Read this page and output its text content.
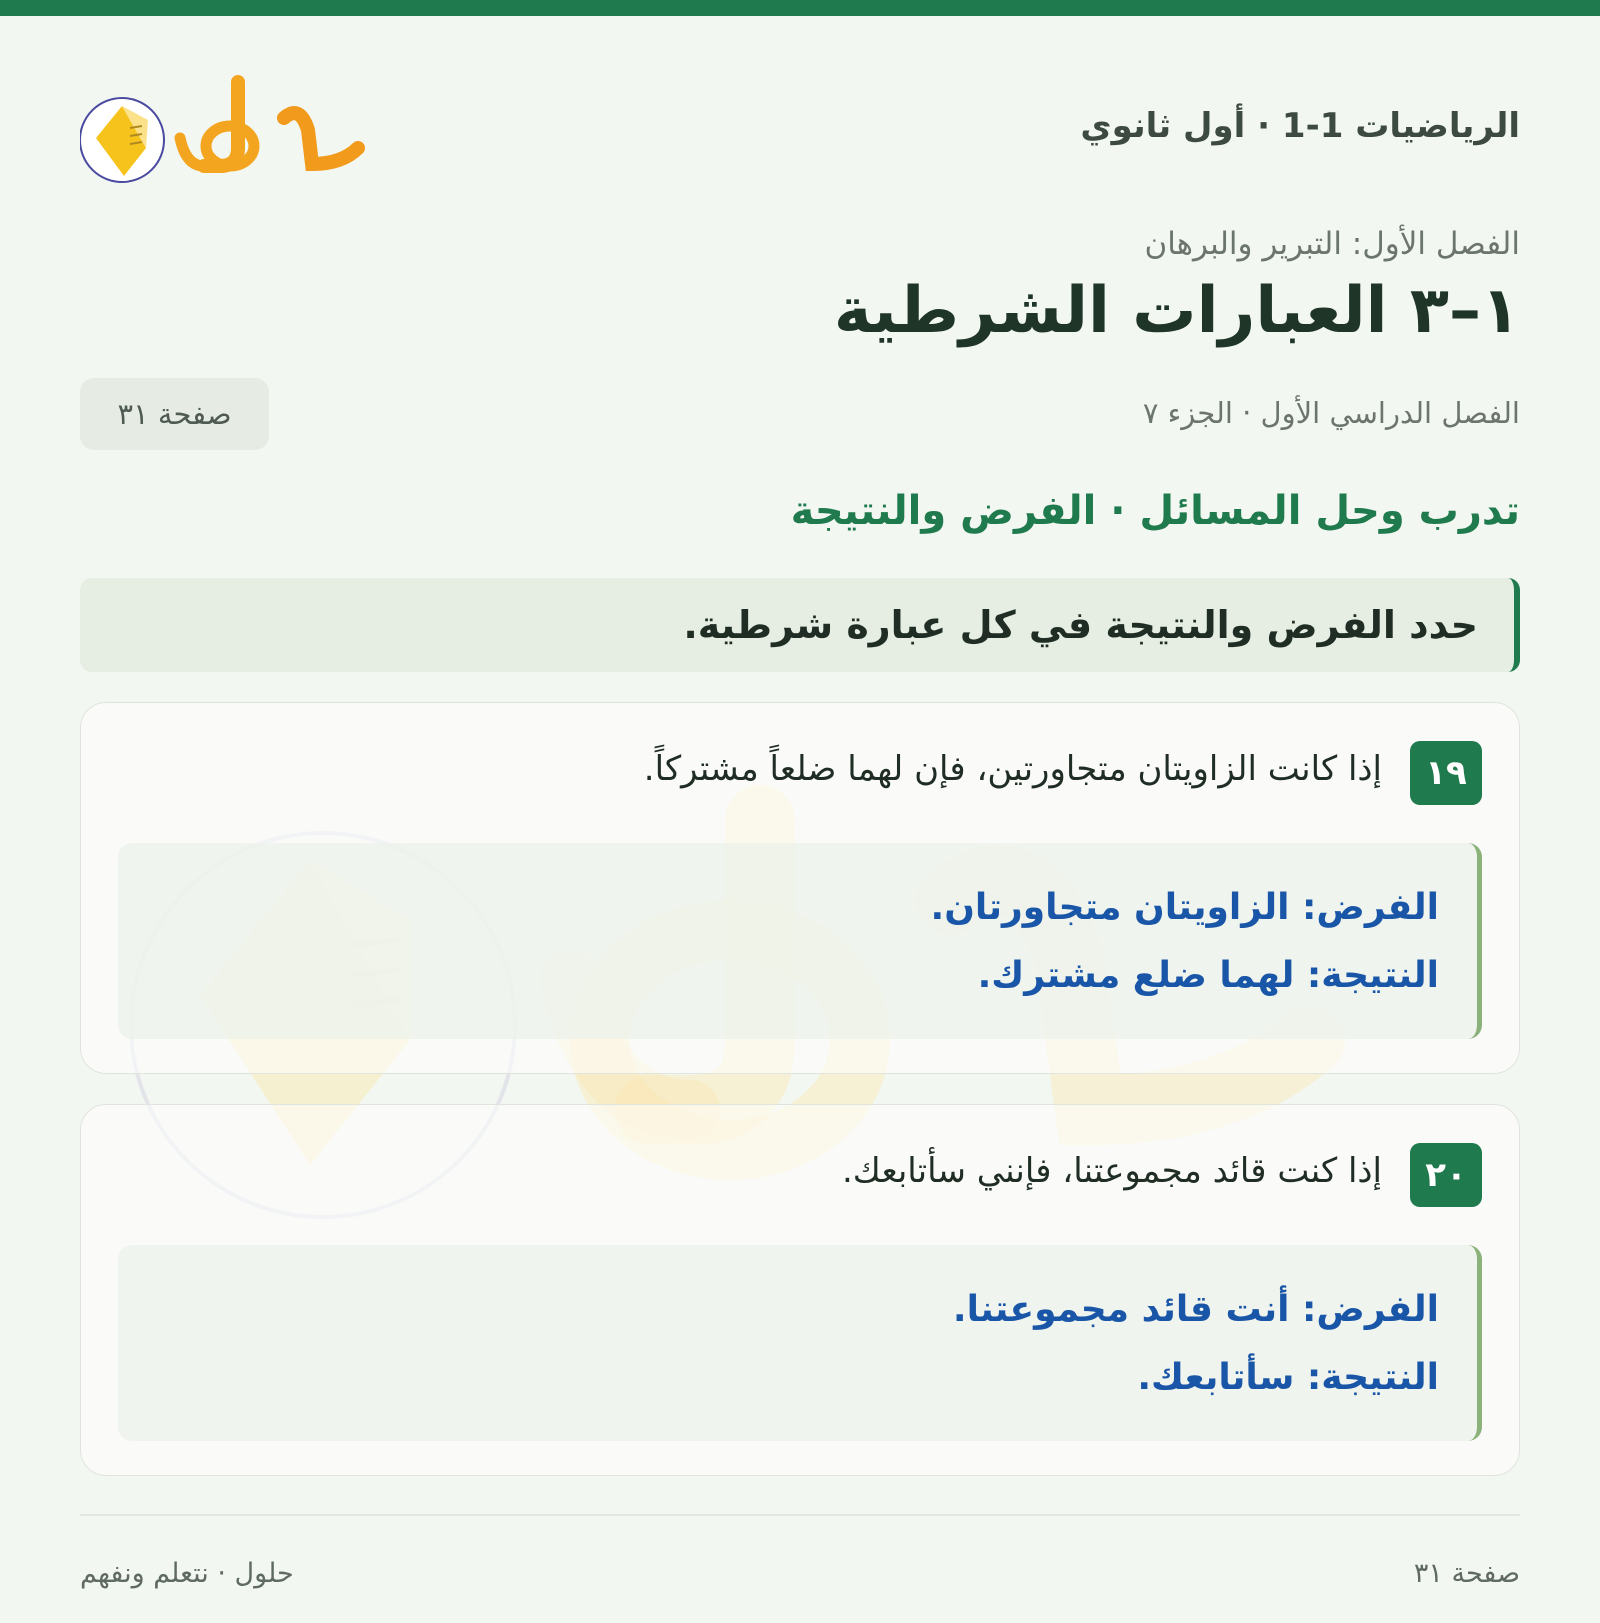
الرياضيات 1-1 · أول ثانوي
الفصل الأول: التبرير والبرهان
١–٣ العبارات الشرطية
الفصل الدراسي الأول · الجزء ٧
صفحة ٣١
تدرب وحل المسائل · الفرض والنتيجة
حدد الفرض والنتيجة في كل عبارة شرطية.
١٩
إذا كانت الزاويتان متجاورتين، فإن لهما ضلعاً مشتركاً.

الفرض: الزاويتان متجاورتان.

النتيجة: لهما ضلع مشترك.

٢٠
إذا كنت قائد مجموعتنا، فإنني سأتابعك.

الفرض: أنت قائد مجموعتنا.

النتيجة: سأتابعك.

صفحة ٣١
حلول · نتعلم ونفهم
